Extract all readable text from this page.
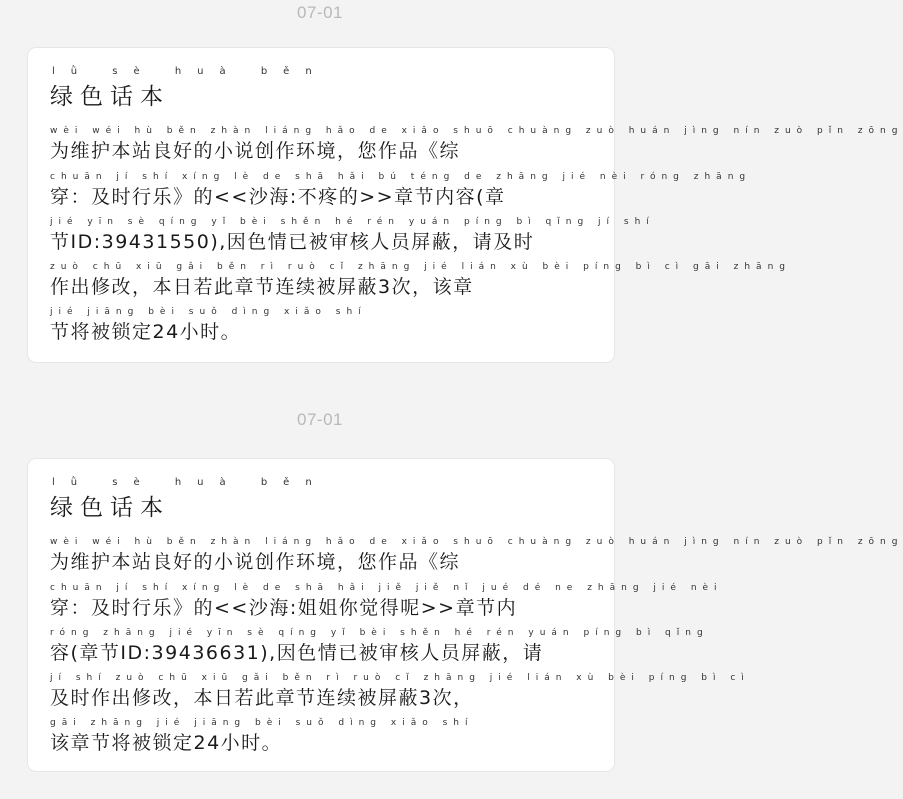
07-01
lǜ sè huà běn
绿色话本
wèi wéi hù běn zhàn liáng hǎo de xiǎo shuō chuàng zuò huán jìng nín zuò pǐn zōng
为维护本站良好的小说创作环境，您作品《综
chuān jí shí xíng lè de shā hǎi bú téng de zhāng jié nèi róng zhāng
穿：及时行乐》的<<沙海:不疼的>>章节内容(章
jié yīn sè qíng yǐ bèi shěn hé rén yuán píng bì qǐng jí shí
节ID:39431550),因色情已被审核人员屏蔽，请及时
zuò chū xiū gǎi běn rì ruò cǐ zhāng jié lián xù bèi píng bì cì gāi zhāng
作出修改，本日若此章节连续被屏蔽3次，该章
jié jiāng bèi suǒ dìng xiǎo shí
节将被锁定24小时。
07-01
lǜ sè huà běn
绿色话本
wèi wéi hù běn zhàn liáng hǎo de xiǎo shuō chuàng zuò huán jìng nín zuò pǐn zōng
为维护本站良好的小说创作环境，您作品《综
chuān jí shí xíng lè de shā hǎi jiě jiě nǐ jué dé ne zhāng jié nèi
穿：及时行乐》的<<沙海:姐姐你觉得呢>>章节内
róng zhāng jié yīn sè qíng yǐ bèi shěn hé rén yuán píng bì qǐng
容(章节ID:39436631),因色情已被审核人员屏蔽，请
jí shí zuò chū xiū gǎi běn rì ruò cǐ zhāng jié lián xù bèi píng bì cì
及时作出修改，本日若此章节连续被屏蔽3次，
gāi zhāng jié jiāng bèi suǒ dìng xiǎo shí
该章节将被锁定24小时。
